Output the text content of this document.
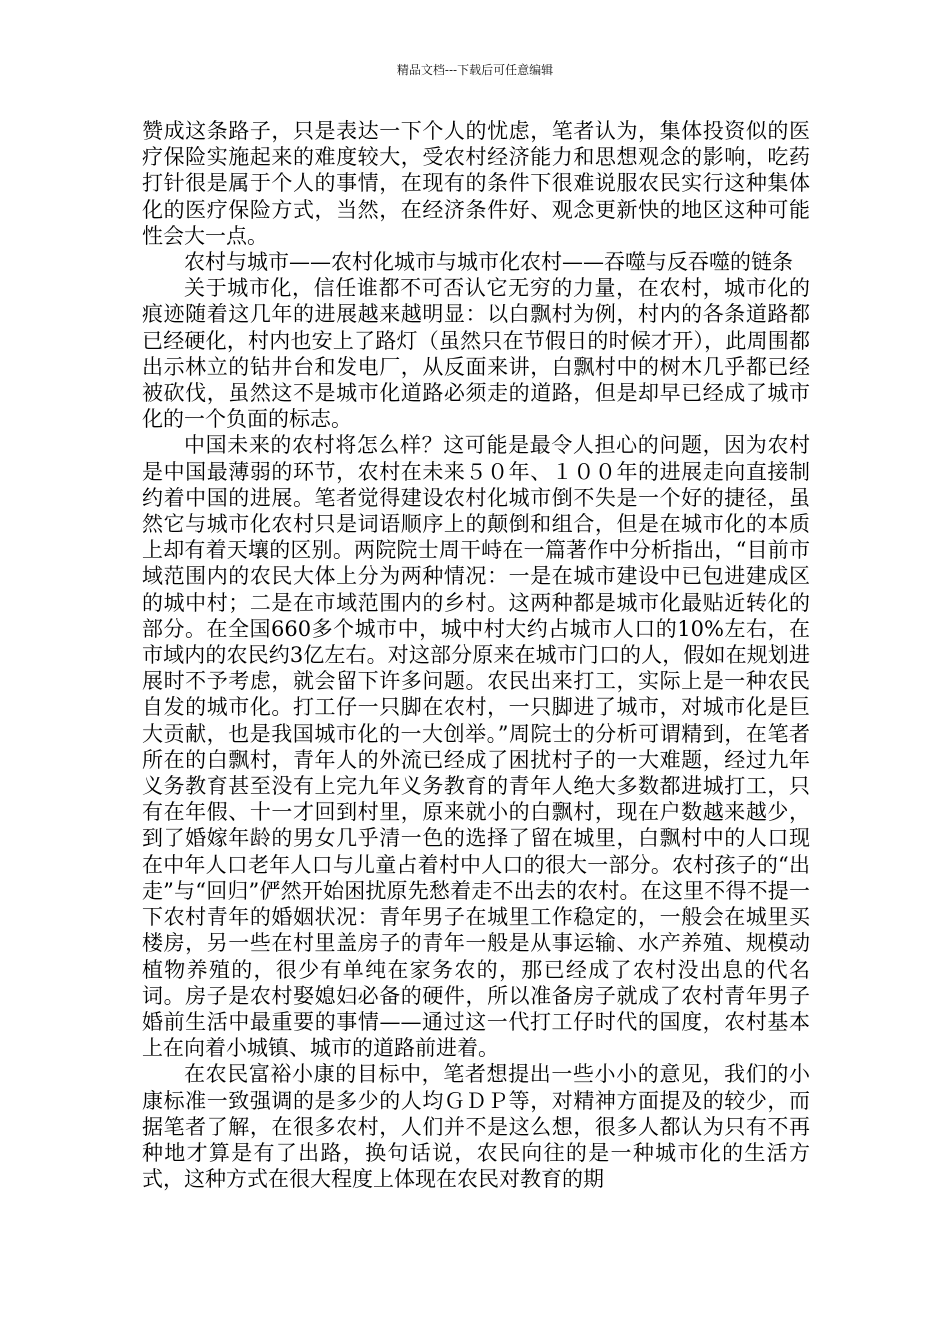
精品文档---下载后可任意编辑

赞成这条路子，只是表达一下个人的忧虑，笔者认为，集体投资似的医疗保险实施起来的难度较大，受农村经济能力和思想观念的影响，吃药打针很是属于个人的事情，在现有的条件下很难说服农民实行这种集体化的医疗保险方式，当然，在经济条件好、观念更新快的地区这种可能性会大一点。

农村与城市——农村化城市与城市化农村——吞噬与反吞噬的链条

关于城市化，信任谁都不可否认它无穷的力量，在农村，城市化的痕迹随着这几年的进展越来越明显：以白飘村为例，村内的各条道路都已经硬化，村内也安上了路灯（虽然只在节假日的时候才开），此周围都出示林立的钻井台和发电厂，从反面来讲，白飘村中的树木几乎都已经被砍伐，虽然这不是城市化道路必须走的道路，但是却早已经成了城市化的一个负面的标志。

中国未来的农村将怎么样？这可能是最令人担心的问题，因为农村是中国最薄弱的环节，农村在未来５０年、１００年的进展走向直接制约着中国的进展。笔者觉得建设农村化城市倒不失是一个好的捷径，虽然它与城市化农村只是词语顺序上的颠倒和组合，但是在城市化的本质上却有着天壤的区别。两院院士周干峙在一篇著作中分析指出，“目前市域范围内的农民大体上分为两种情况：一是在城市建设中已包进建成区的城中村；二是在市域范围内的乡村。这两种都是城市化最贴近转化的部分。在全国660多个城市中，城中村大约占城市人口的10%左右，在市域内的农民约3亿左右。对这部分原来在城市门口的人，假如在规划进展时不予考虑，就会留下许多问题。农民出来打工，实际上是一种农民自发的城市化。打工仔一只脚在农村，一只脚进了城市，对城市化是巨大贡献，也是我国城市化的一大创举。”周院士的分析可谓精到，在笔者所在的白飘村，青年人的外流已经成了困扰村子的一大难题，经过九年义务教育甚至没有上完九年义务教育的青年人绝大多数都进城打工，只有在年假、十一才回到村里，原来就小的白飘村，现在户数越来越少，到了婚嫁年龄的男女几乎清一色的选择了留在城里，白飘村中的人口现在中年人口老年人口与儿童占着村中人口的很大一部分。农村孩子的“出走”与“回归”俨然开始困扰原先愁着走不出去的农村。在这里不得不提一下农村青年的婚姻状况：青年男子在城里工作稳定的，一般会在城里买楼房，另一些在村里盖房子的青年一般是从事运输、水产养殖、规模动植物养殖的，很少有单纯在家务农的，那已经成了农村没出息的代名词。房子是农村娶媳妇必备的硬件，所以准备房子就成了农村青年男子婚前生活中最重要的事情——通过这一代打工仔时代的国度，农村基本上在向着小城镇、城市的道路前进着。

在农民富裕小康的目标中，笔者想提出一些小小的意见，我们的小康标准一致强调的是多少的人均ＧＤＰ等，对精神方面提及的较少，而据笔者了解，在很多农村，人们并不是这么想，很多人都认为只有不再种地才算是有了出路，换句话说，农民向往的是一种城市化的生活方式，这种方式在很大程度上体现在农民对教育的期
